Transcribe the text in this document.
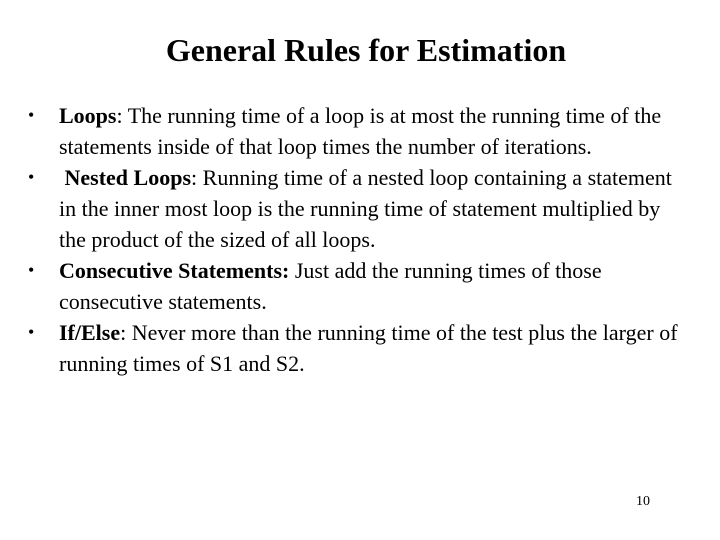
General Rules for Estimation
•	Loops: The running time of a loop is at most the running time of the statements inside of that loop times the number of iterations.
•	Nested Loops: Running time of a nested loop containing a statement in the inner most loop is the running time of statement multiplied by the product of the sized of all loops.
•	Consecutive Statements: Just add the running times of those consecutive statements.
•	If/Else: Never more than the running time of the test plus the larger of running times of S1 and S2.
10
